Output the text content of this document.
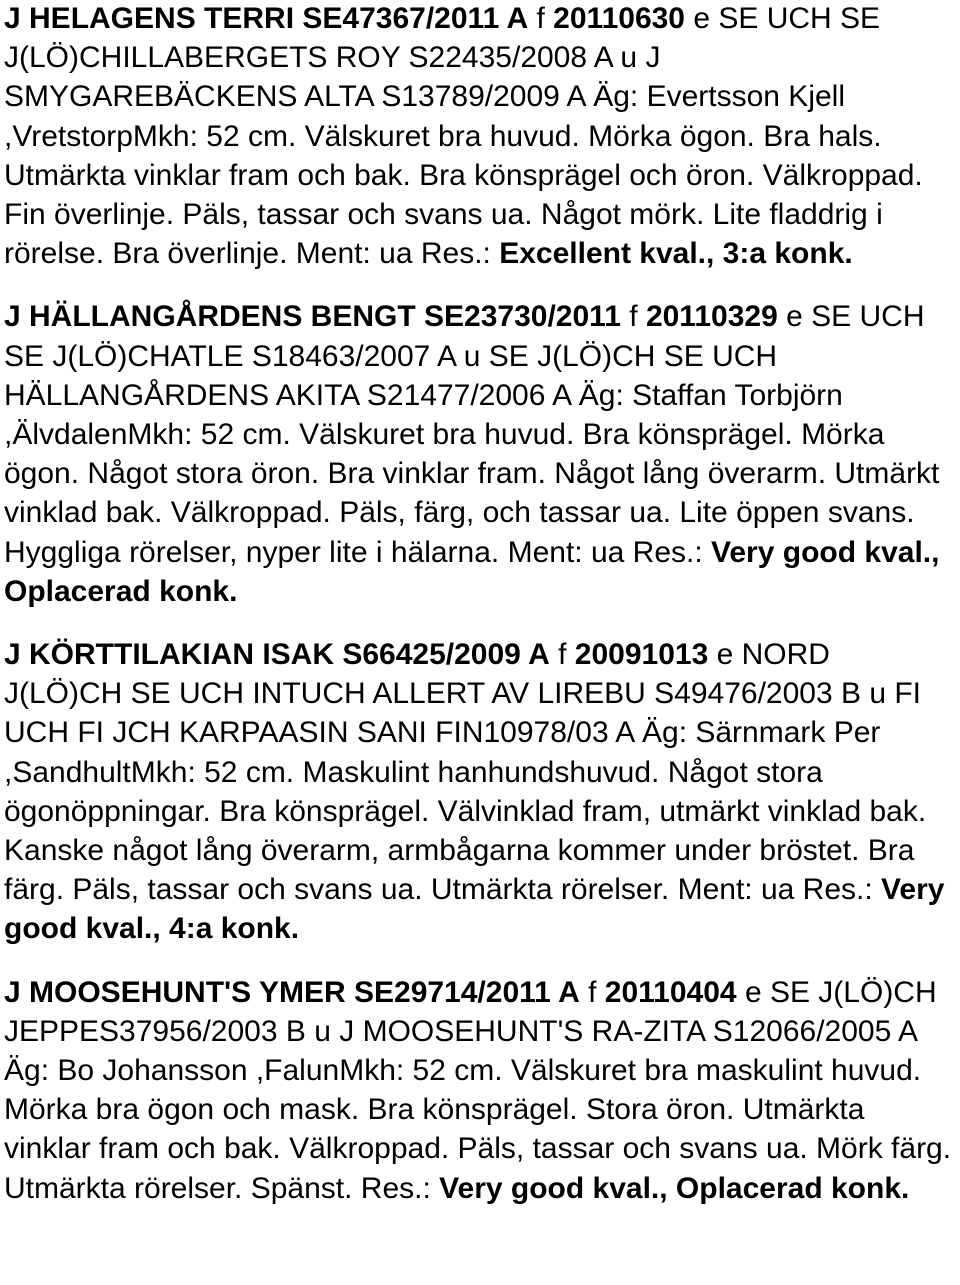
J HELAGENS TERRI SE47367/2011 A f 20110630 e SE UCH SE J(LÖ)CHILLABERGETS ROY S22435/2008 A u J SMYGAREBÄCKENS ALTA S13789/2009 A Äg: Evertsson Kjell ,VretstorpMkh: 52 cm. Välskuret bra huvud. Mörka ögon. Bra hals. Utmärkta vinklar fram och bak. Bra könsprägel och öron. Välkroppad. Fin överlinje. Päls, tassar och svans ua. Något mörk. Lite fladdrig i rörelse. Bra överlinje. Ment: ua Res.: Excellent kval., 3:a konk.

J HÄLLANGÅRDENS BENGT SE23730/2011 f 20110329 e SE UCH SE J(LÖ)CHATLE S18463/2007 A u SE J(LÖ)CH SE UCH HÄLLANGÅRDENS AKITA S21477/2006 A Äg: Staffan Torbjörn ,ÄlvdalenMkh: 52 cm. Välskuret bra huvud. Bra könsprägel. Mörka ögon. Något stora öron. Bra vinklar fram. Något lång överarm. Utmärkt vinklad bak. Välkroppad. Päls, färg, och tassar ua. Lite öppen svans. Hyggliga rörelser, nyper lite i hälarna. Ment: ua Res.: Very good kval., Oplacerad konk.

J KÖRTTILAKIAN ISAK S66425/2009 A f 20091013 e NORD J(LÖ)CH SE UCH INTUCH ALLERT AV LIREBU S49476/2003 B u FI UCH FI JCH KARPAASIN SANI FIN10978/03 A Äg: Särnmark Per ,SandhultMkh: 52 cm. Maskulint hanhundshuvud. Något stora ögonöppningar. Bra könsprägel. Välvinklad fram, utmärkt vinklad bak. Kanske något lång överarm, armbågarna kommer under bröstet. Bra färg. Päls, tassar och svans ua. Utmärkta rörelser. Ment: ua Res.: Very good kval., 4:a konk.

J MOOSEHUNT'S YMER SE29714/2011 A f 20110404 e SE J(LÖ)CH JEPPES37956/2003 B u J MOOSEHUNT'S RA-ZITA S12066/2005 A Äg: Bo Johansson ,FalunMkh: 52 cm. Välskuret bra maskulint huvud. Mörka bra ögon och mask. Bra könsprägel. Stora öron. Utmärkta vinklar fram och bak. Välkroppad. Päls, tassar och svans ua. Mörk färg. Utmärkta rörelser. Spänst. Res.: Very good kval., Oplacerad konk.
